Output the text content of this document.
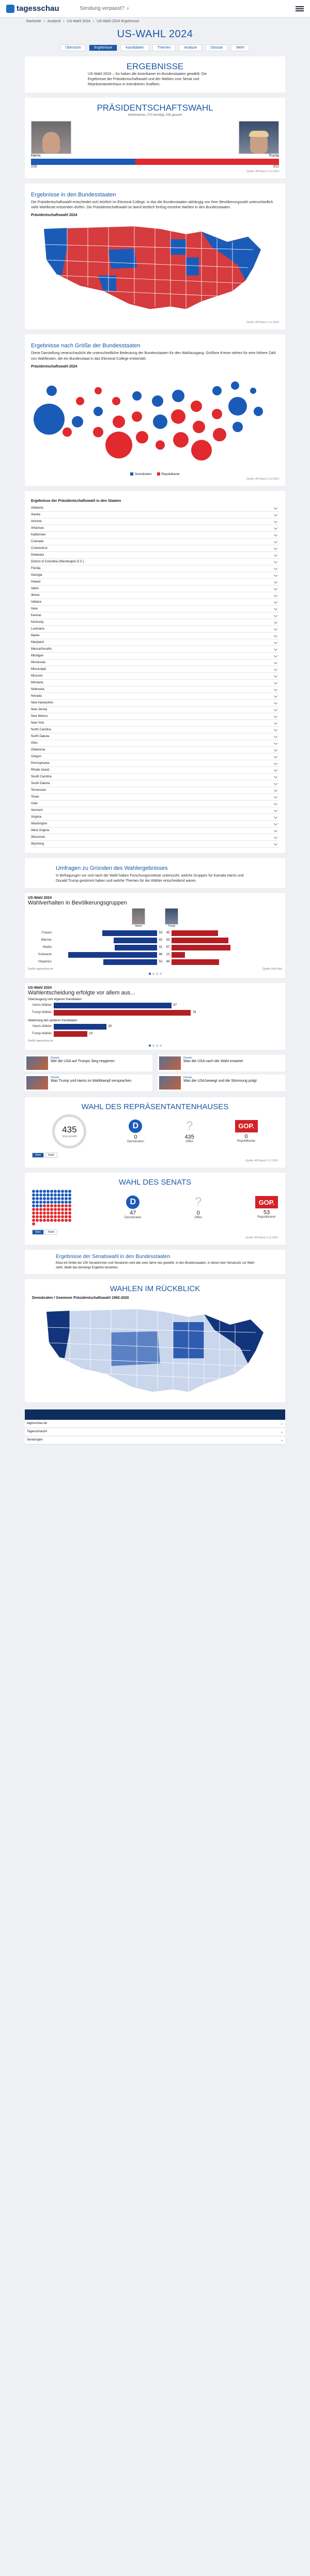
tagesschau	Sendung verpasst? ⌕
Startseite › Ausland › US-Wahl 2024 › US-Wahl 2024 Ergebnisse
US-WAHL 2024
Übersicht	Ergebnisse	Kandidaten	Themen	Analyse	Glossar	Mehr
ERGEBNISSE

US-Wahl 2024 – So haben die Amerikaner im Bundesstaaten gewählt: Die Ergebnisse der Präsidentschaftswahl und der Wahlen zum Senat und Repräsentantenhaus in interaktiven Grafiken.

PRÄSIDENTSCHAFTSWAHL

Wahlmänner, 270 benötigt, 538 gesamt

Harris	Trump
226	312
Quelle: AP/Stand: 6.11.2024
Ergebnisse in den Bundesstaaten

Die Präsidentschaftswahl entscheidet sich letztlich im Electoral College, in das die Bundesstaaten abhängig von ihrer Bevölkerungszahl unterschiedlich viele Wahlleute entsenden dürfen. Die Präsidentschaftswahl ist damit letztlich fünfzig einzelne Wahlen in den Bundesstaaten.

Präsidentschaftswahl 2024
Quelle: AP/Stand: 6.11.2024
Ergebnisse nach Größe der Bundesstaaten

Diese Darstellung veranschaulicht die unterschiedliche Bedeutung der Bundesstaaten für den Wahlausgang. Größere Kreise stehen für eine höhere Zahl von Wahlleuten, die ein Bundesstaat in das Electoral College entsendet.

Präsidentschaftswahl 2024
Demokraten	Republikaner
Quelle: AP/Stand: 6.11.2024
Ergebnisse der Präsidentschaftswahl in den Staaten
Alabama
Alaska
Arizona
Arkansas
Kalifornien
Colorado
Connecticut
Delaware
District of Columbia (Washington D.C.)
Florida
Georgia
Hawaii
Idaho
Illinois
Indiana
Iowa
Kansas
Kentucky
Louisiana
Maine
Maryland
Massachusetts
Michigan
Minnesota
Mississippi
Missouri
Montana
Nebraska
Nevada
New Hampshire
New Jersey
New Mexico
New York
North Carolina
North Dakota
Ohio
Oklahoma
Oregon
Pennsylvania
Rhode Island
South Carolina
South Dakota
Tennessee
Texas
Utah
Vermont
Virginia
Washington
West Virginia
Wisconsin
Wyoming
Umfragen zu Gründen des Wahlergebnisses

In Befragungen vor und nach der Wahl haben Forschungsinstitute untersucht, welche Gruppen für Kamala Harris und Donald Trump gestimmt haben und welche Themen für die Wähler entscheidend waren.

US-Wahl 2024
Wahlverhalten in Bevölkerungsgruppen
Harris	Trump
Frauen	53	45
Männer	42	55
Weiße	41	57
Schwarze	86	13
Hispanics	52	46
Grafik: tagesschau.de	Quelle: Exit Polls
US-Wahl 2024
Wahlentscheidung erfolgte vor allem aus...
Überzeugung vom eigenen Kandidaten
Harris-Wähler	67
Trump-Wähler	78
Ablehnung des anderen Kandidaten
Harris-Wähler	30
Trump-Wähler	19
Grafik: tagesschau.de
Dossier
Wie die USA auf Trumps Sieg reagieren
Dossier
Was die USA nach der Wahl erwartet
Dossier
Was Trump und Harris im Wahlkampf versprachen
Dossier
Was die USA bewegt und die Stimmung prägt
WAHL DES REPRÄSENTANTENHAUSES
435
Sitze gesamt
D
0
Demokraten
?
435
Offen
GOP.
0
Republikaner
Sitze	Karte
Quelle: AP/Stand: 6.11.2024
WAHL DES SENATS
D
47
Demokraten
?
0
Offen
GOP.
53
Republikaner
Sitze	Karte
Quelle: AP/Stand: 6.11.2024
Ergebnisse der Senatswahl in den Bundesstaaten

Etwa ein Drittel der 100 Senatorinnen und Senatoren wird alle zwei Jahre neu gewählt. In den Bundesstaaten, in denen kein Senatssitz zur Wahl steht, bleibt das bisherige Ergebnis bestehen.

WAHLEN IM RÜCKBLICK
Demokraten / Gewinner Präsidentschaftswahl 1992-2020
tagesschau.de	⌄
Tagesschau24	⌄
Sendungen	⌄
